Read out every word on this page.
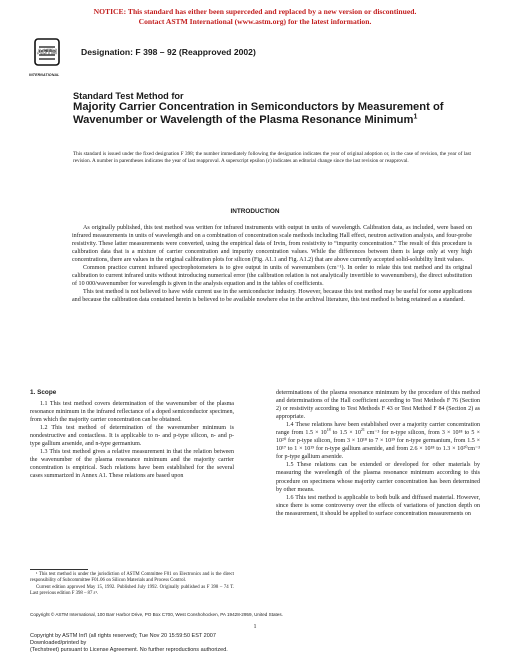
NOTICE: This standard has either been superceded and replaced by a new version or discontinued.
Contact ASTM International (www.astm.org) for the latest information.
ASTM
INTERNATIONAL
Designation: F 398 – 92 (Reapproved 2002)
Standard Test Method for
Majority Carrier Concentration in Semiconductors by Measurement of Wavenumber or Wavelength of the Plasma Resonance Minimum$^1$
This standard is issued under the fixed designation F 398; the number immediately following the designation indicates the year of original adoption or, in the case of revision, the year of last revision. A number in parentheses indicates the year of last reapproval. A superscript epsilon (ε) indicates an editorial change since the last revision or reapproval.
INTRODUCTION

As originally published, this test method was written for infrared instruments with output in units of wavelength. Calibration data, as included, were based on infrared measurements in units of wavelength and on a combination of concentration scale methods including Hall effect, neutron activation analysis, and four-probe resistivity. These latter measurements were converted, using the empirical data of Irvin, from resistivity to “impurity concentration.” The result of this procedure is calibration data that is a mixture of carrier concentration and impurity concentration values. While the differences between them is large only at very high concentrations, there are values in the original calibration plots for silicon (Fig. A1.1 and Fig. A1.2) that are above currently accepted solid-solubility limit values.

Common practice current infrared spectrophotometers is to give output in units of wavenumbers (cm⁻¹). In order to relate this test method and its original calibration to current infrared units without introducing numerical error (the calibration relation is not analytically invertible to wavenumbers), the direct substitution of 10 000/wavenumber for wavelength is given in the analysis equation and in the tables of coefficients.

This test method is not believed to have wide current use in the semiconductor industry. However, because this test method may be useful for some applications and because the calibration data contained herein is believed to be available nowhere else in the archival literature, this test method is being retained as a standard.

1. Scope

1.1 This test method covers determination of the wavenumber of the plasma resonance minimum in the infrared reflectance of a doped semiconductor specimen, from which the majority carrier concentration can be obtained.

1.2 This test method of determination of the wavenumber minimum is nondestructive and contactless. It is applicable to n- and p-type silicon, n- and p-type gallium arsenide, and n-type germanium.

1.3 This test method gives a relative measurement in that the relation between the wavenumber of the plasma resonance minimum and the majority carrier concentration is empirical. Such relations have been established for the several cases summarized in Annex A1. These relations are based upon

¹ This test method is under the jurisdiction of ASTM Committee F01 on Electronics and is the direct responsibility of Subcommittee F01.06 on Silicon Materials and Process Control.

Current edition approved May 15, 1992. Published July 1992. Originally published as F 398 – 74 T. Last previous edition F 398 – 87 ε¹.

determinations of the plasma resonance minimum by the procedure of this method and determinations of the Hall coefficient according to Test Methods F 76 (Section 2) or resistivity according to Test Methods F 43 or Test Method F 84 (Section 2) as appropriate.

1.4 These relations have been established over a majority carrier concentration range from $1.5 \times 10^{18}$ to $1.5 \times 10^{21}$ cm⁻³ for n-type silicon, from 3 × 10¹⁸ to 5 × 10²⁰ for p-type silicon, from 3 × 10¹⁸ to 7 × 10¹⁹ for n-type germanium, from 1.5 × 10¹⁷ to 1 × 10¹⁹ for n-type gallium arsenide, and from 2.6 × 10¹⁸ to 1.3 × 10²⁰cm⁻³ for p-type gallium arsenide.

1.5 These relations can be extended or developed for other materials by measuring the wavelength of the plasma resonance minimum according to this procedure on specimens whose majority carrier concentration has been determined by other means.

1.6 This test method is applicable to both bulk and diffused material. However, since there is some controversy over the effects of variations of junction depth on the measurement, it should be applied to surface concentration measurements on

Copyright © ASTM International, 100 Barr Harbor Drive, PO Box C700, West Conshohocken, PA 19428-2959, United States.
1
Copyright by ASTM Int'l (all rights reserved); Tue Nov 20 15:59:50 EST 2007
Downloaded/printed by
(Techstreet) pursuant to License Agreement. No further reproductions authorized.
